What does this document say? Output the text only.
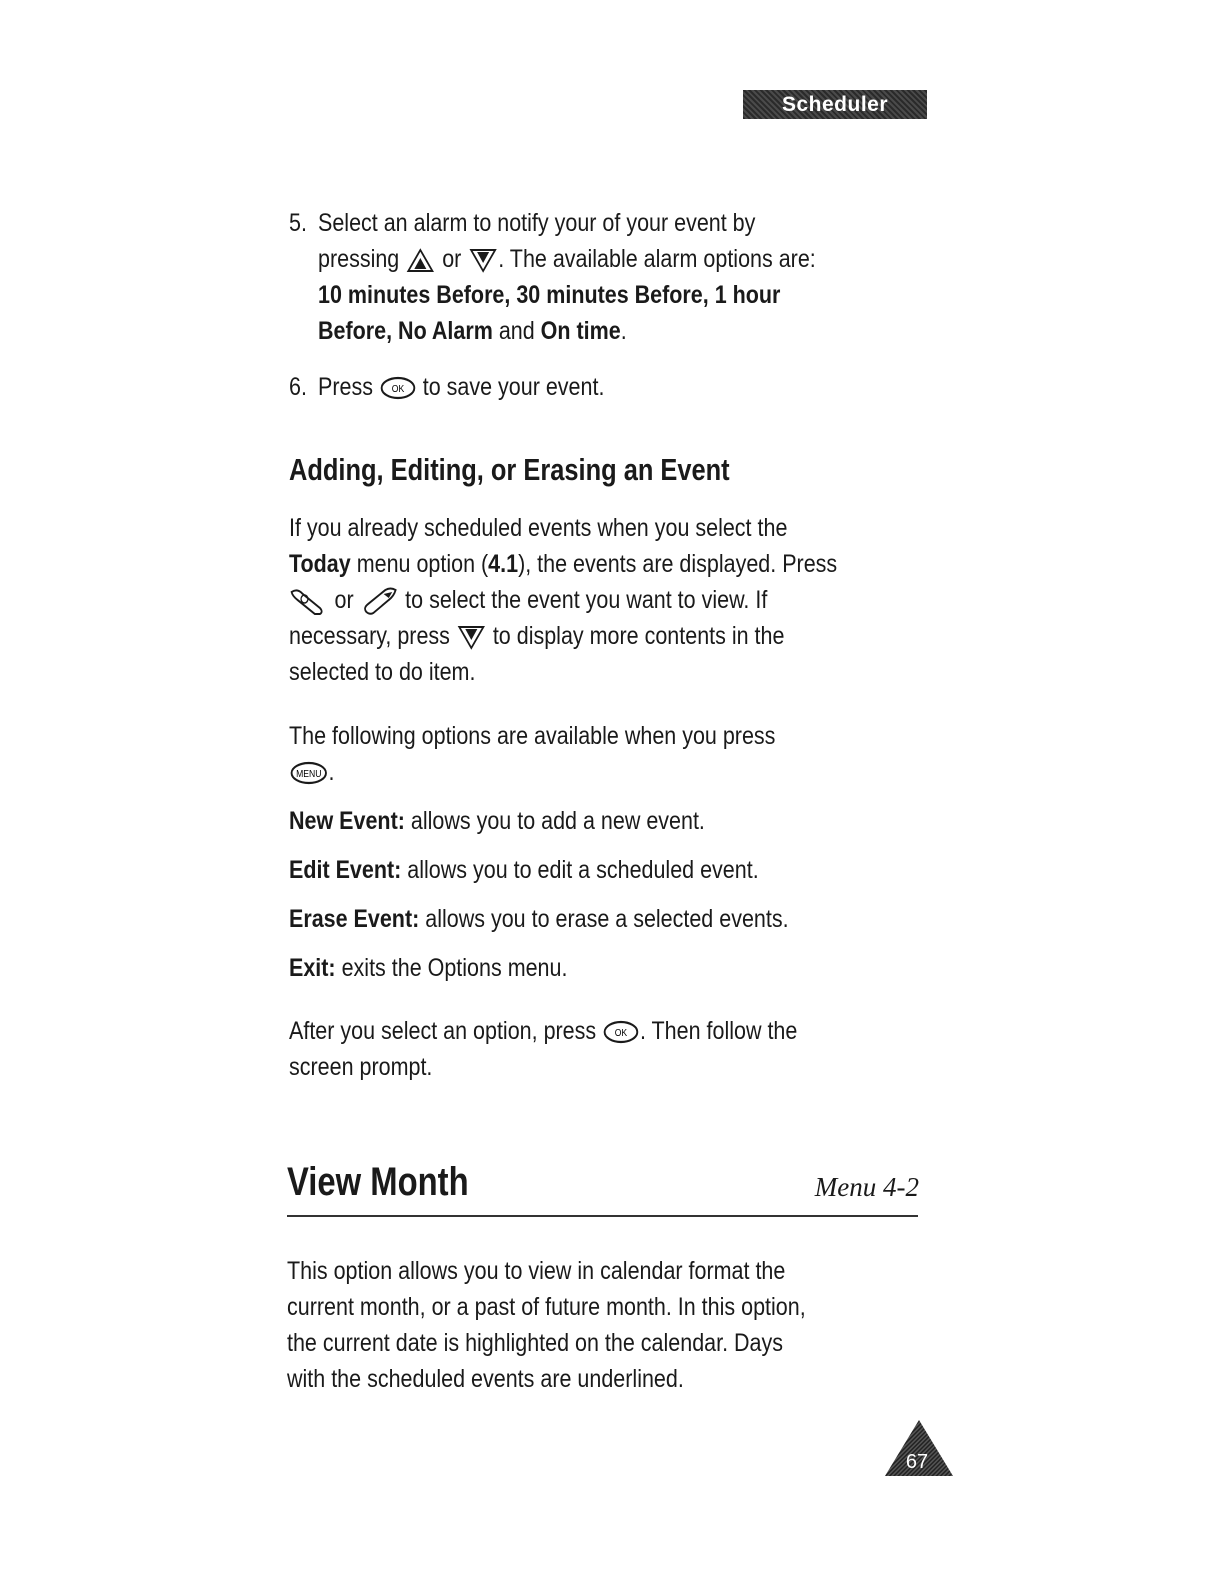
Scheduler
5. Select an alarm to notify your of your event by
pressing or . The available alarm options are:
10 minutes Before, 30 minutes Before, 1 hour
Before, No Alarm and On time.
6. Press OK to save your event.
Adding, Editing, or Erasing an Event
If you already scheduled events when you select the
Today menu option (4.1), the events are displayed. Press
or to select the event you want to view. If
necessary, press to display more contents in the
selected to do item.
The following options are available when you press
MENU .
New Event: allows you to add a new event.
Edit Event: allows you to edit a scheduled event.
Erase Event: allows you to erase a selected events.
Exit: exits the Options menu.
After you select an option, press OK . Then follow the
screen prompt.
View Month	Menu 4-2
This option allows you to view in calendar format the
current month, or a past of future month. In this option,
the current date is highlighted on the calendar. Days
with the scheduled events are underlined.
67
